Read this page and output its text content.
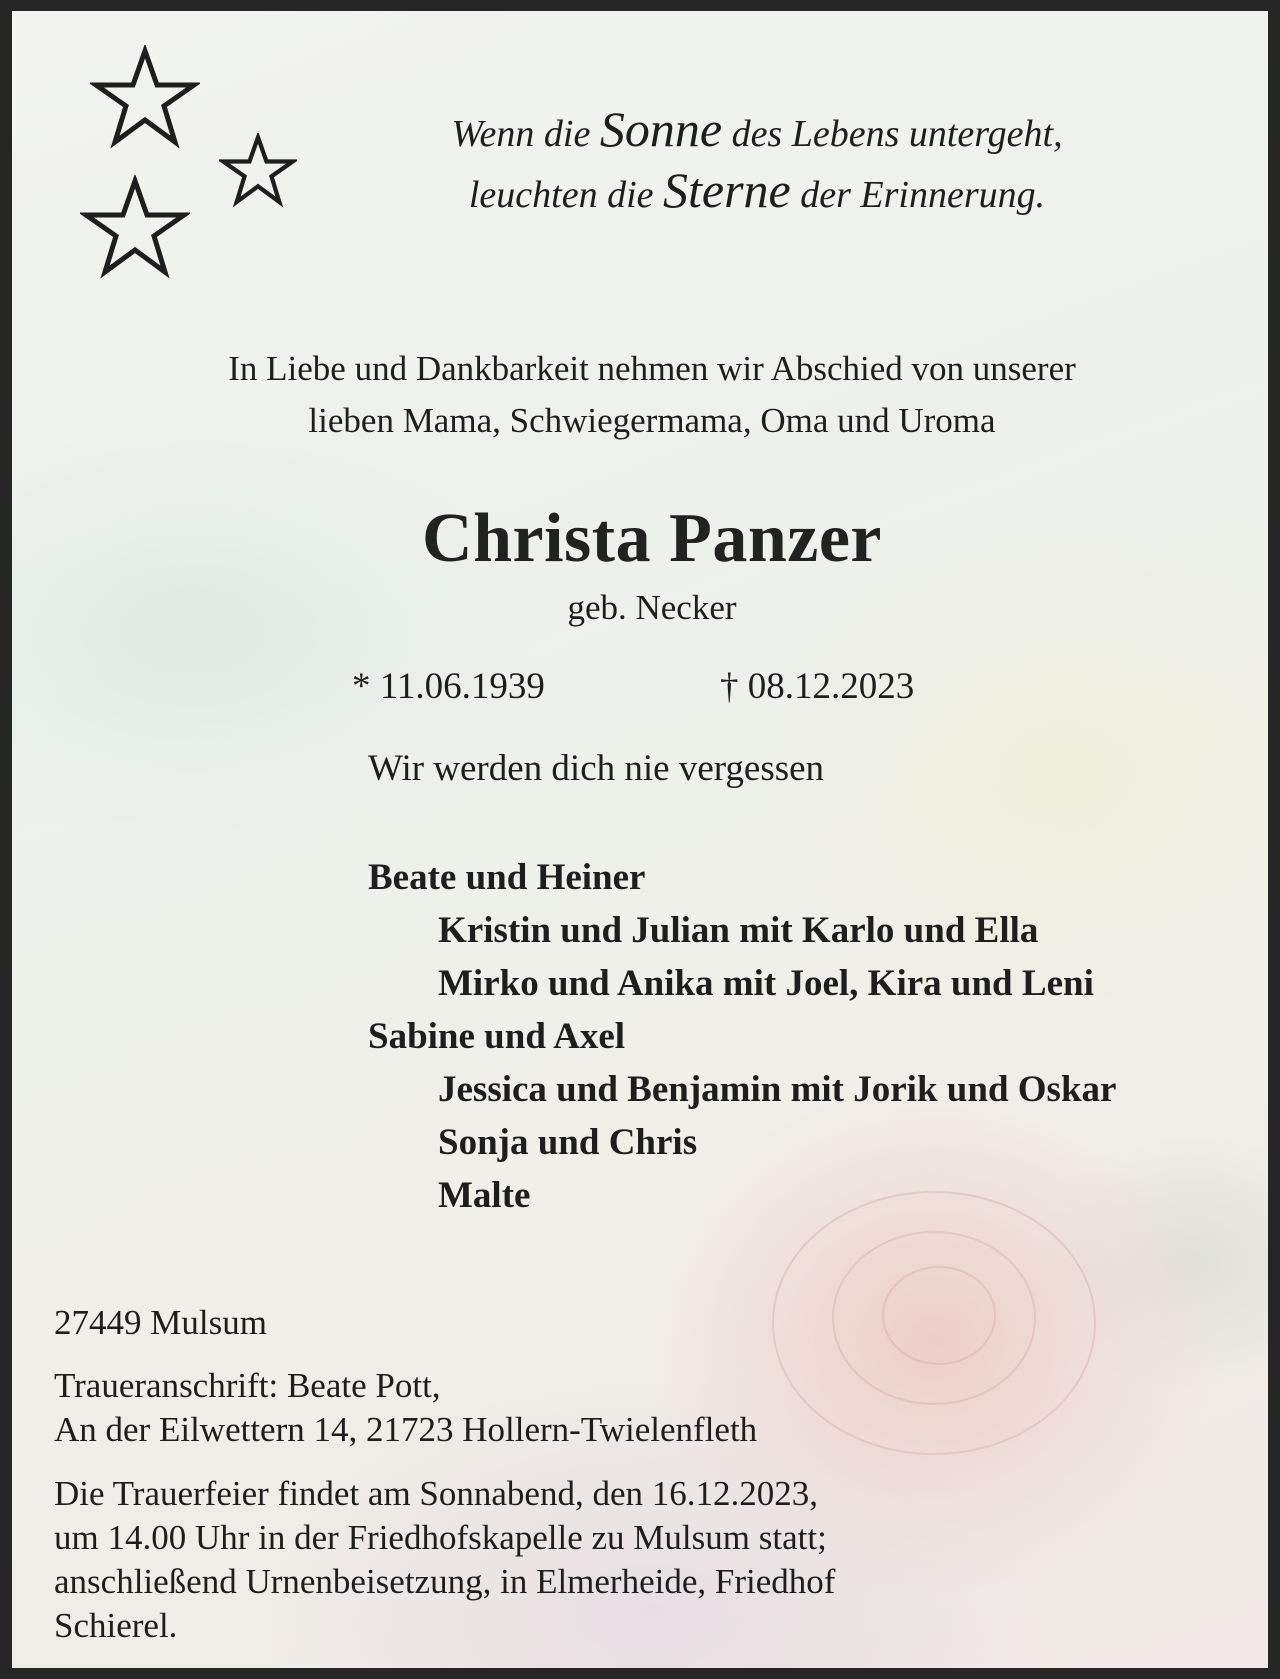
Wenn die Sonne des Lebens untergeht,
leuchten die Sterne der Erinnerung.
In Liebe und Dankbarkeit nehmen wir Abschied von unserer
lieben Mama, Schwiegermama, Oma und Uroma
Christa Panzer
geb. Necker
* 11.06.1939	† 08.12.2023
Wir werden dich nie vergessen
Beate und Heiner
Kristin und Julian mit Karlo und Ella
Mirko und Anika mit Joel, Kira und Leni
Sabine und Axel
Jessica und Benjamin mit Jorik und Oskar
Sonja und Chris
Malte
27449 Mulsum
Traueranschrift: Beate Pott,
An der Eilwettern 14, 21723 Hollern-Twielenfleth
Die Trauerfeier findet am Sonnabend, den 16.12.2023,
um 14.00 Uhr in der Friedhofskapelle zu Mulsum statt;
anschließend Urnenbeisetzung, in Elmerheide, Friedhof
Schierel.
